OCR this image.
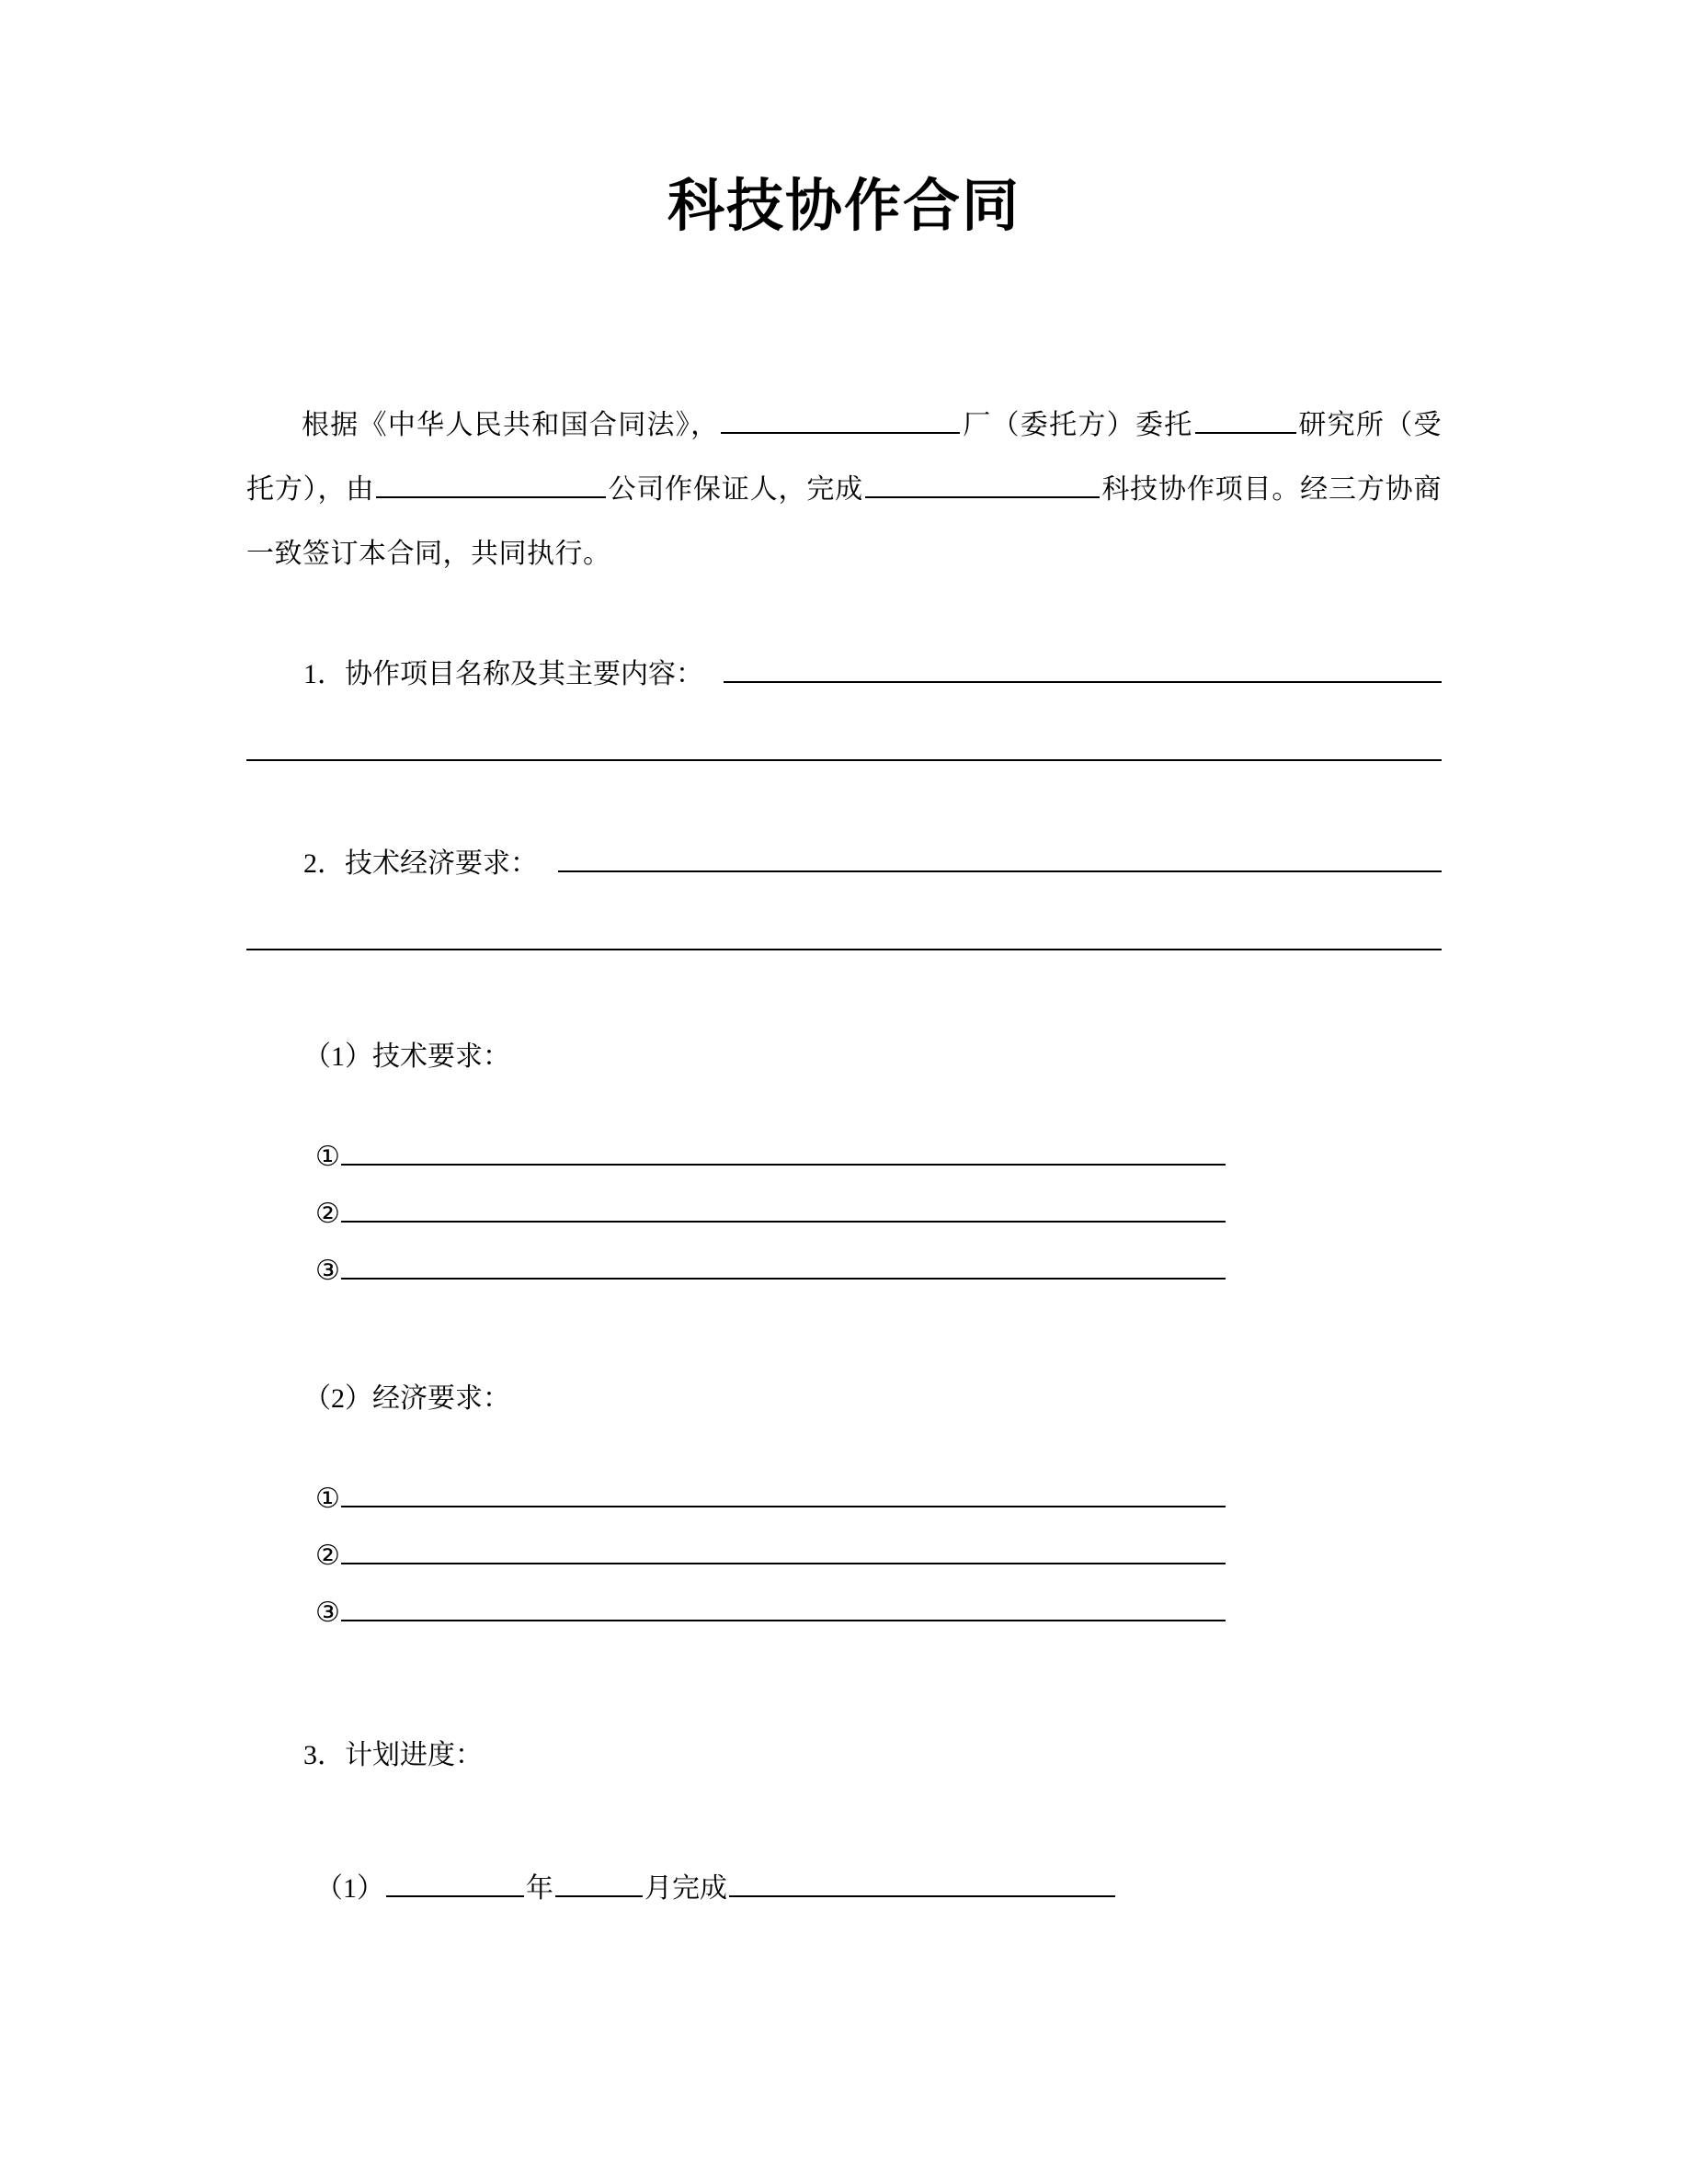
科技协作合同

根据《中华人民共和国合同法》，	厂（委托方）委托	研究所（受托方），由	公司作保证人，完成	科技协作项目。经三方协商一致签订本合同，共同执行。

1． 协作项目名称及其主要内容：
2． 技术经济要求：
（1）技术要求：
①
②
③
（2）经济要求：
①
②
③
3．计划进度：
（1）	年	月完成
